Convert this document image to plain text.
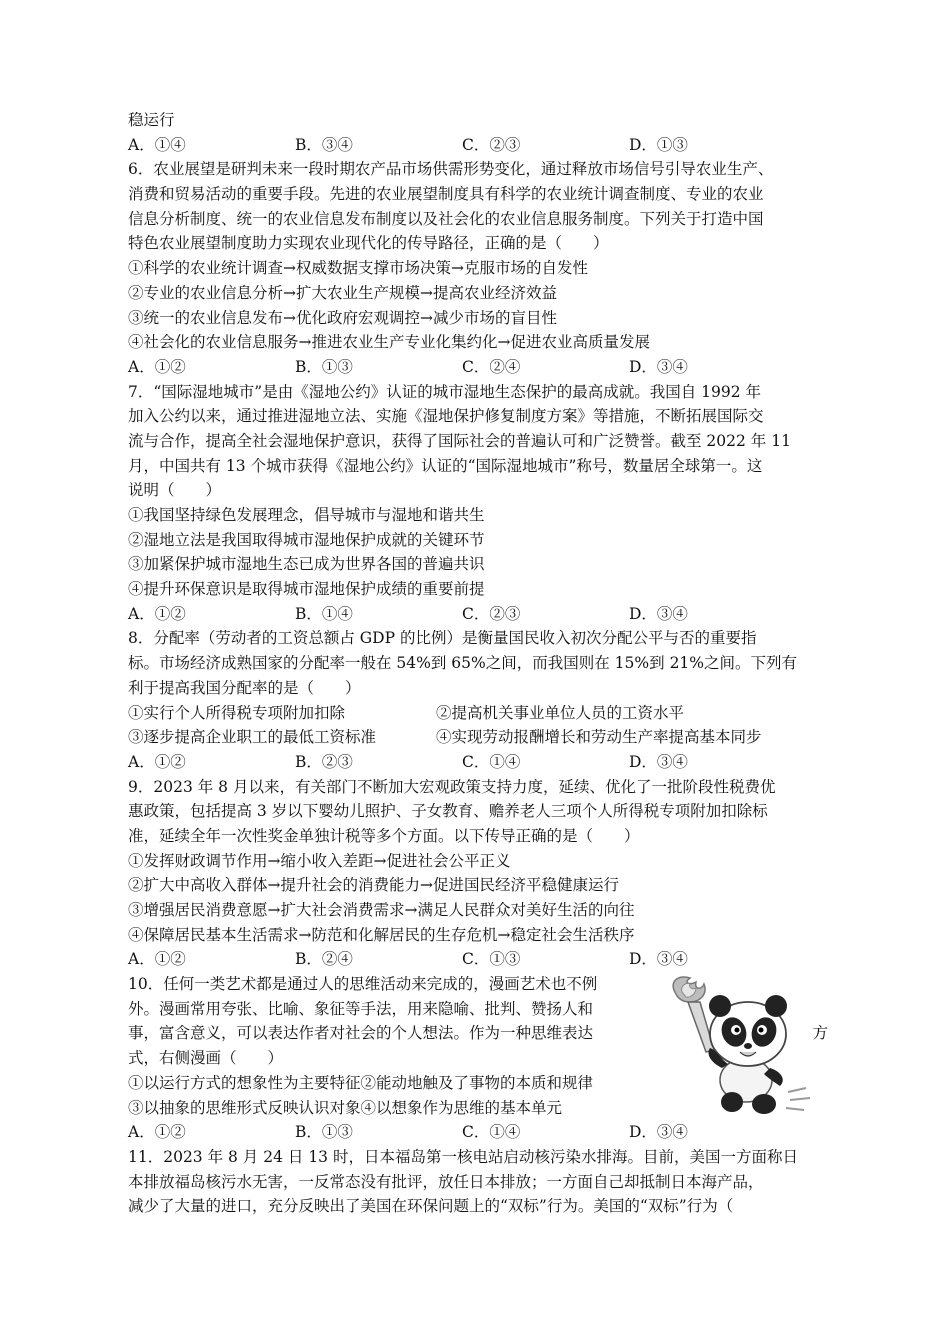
稳运行
A．①④	B．③④	C．②③	D．①③
6．农业展望是研判未来一段时期农产品市场供需形势变化，通过释放市场信号引导农业生产、
消费和贸易活动的重要手段。先进的农业展望制度具有科学的农业统计调查制度、专业的农业
信息分析制度、统一的农业信息发布制度以及社会化的农业信息服务制度。下列关于打造中国
特色农业展望制度助力实现农业现代化的传导路径，正确的是（　　）
①科学的农业统计调查→权威数据支撑市场决策→克服市场的自发性
②专业的农业信息分析→扩大农业生产规模→提高农业经济效益
③统一的农业信息发布→优化政府宏观调控→减少市场的盲目性
④社会化的农业信息服务→推进农业生产专业化集约化→促进农业高质量发展
A．①②	B．①③	C．②④	D．③④
7．“国际湿地城市”是由《湿地公约》认证的城市湿地生态保护的最高成就。我国自 1992 年
加入公约以来，通过推进湿地立法、实施《湿地保护修复制度方案》等措施，不断拓展国际交
流与合作，提高全社会湿地保护意识，获得了国际社会的普遍认可和广泛赞誉。截至 2022 年 11
月，中国共有 13 个城市获得《湿地公约》认证的“国际湿地城市”称号，数量居全球第一。这
说明（　　）
①我国坚持绿色发展理念，倡导城市与湿地和谐共生
②湿地立法是我国取得城市湿地保护成就的关键环节
③加紧保护城市湿地生态已成为世界各国的普遍共识
④提升环保意识是取得城市湿地保护成绩的重要前提
A．①②	B．①④	C．②③	D．③④
8．分配率（劳动者的工资总额占 GDP 的比例）是衡量国民收入初次分配公平与否的重要指
标。市场经济成熟国家的分配率一般在 54%到 65%之间，而我国则在 15%到 21%之间。下列有
利于提高我国分配率的是（　　）
①实行个人所得税专项附加扣除	②提高机关事业单位人员的工资水平
③逐步提高企业职工的最低工资标准	④实现劳动报酬增长和劳动生产率提高基本同步
A．①②	B．②③	C．①④	D．③④
9．2023 年 8 月以来，有关部门不断加大宏观政策支持力度，延续、优化了一批阶段性税费优
惠政策，包括提高 3 岁以下婴幼儿照护、子女教育、赡养老人三项个人所得税专项附加扣除标
准，延续全年一次性奖金单独计税等多个方面。以下传导正确的是（　　）
①发挥财政调节作用→缩小收入差距→促进社会公平正义
②扩大中高收入群体→提升社会的消费能力→促进国民经济平稳健康运行
③增强居民消费意愿→扩大社会消费需求→满足人民群众对美好生活的向往
④保障居民基本生活需求→防范和化解居民的生存危机→稳定社会生活秩序
A．①②	B．②④	C．①③	D．③④
10．任何一类艺术都是通过人的思维活动来完成的，漫画艺术也不例
外。漫画常用夸张、比喻、象征等手法，用来隐喻、批判、赞扬人和
事，富含意义，可以表达作者对社会的个人想法。作为一种思维表达
式，右侧漫画（　　）
方
①以运行方式的想象性为主要特征②能动地触及了事物的本质和规律
③以抽象的思维形式反映认识对象④以想象作为思维的基本单元
A．①②	B．①③	C．①④	D．③④
11．2023 年 8 月 24 日 13 时，日本福岛第一核电站启动核污染水排海。目前，美国一方面称日
本排放福岛核污水无害，一反常态没有批评，放任日本排放；一方面自己却抵制日本海产品，
减少了大量的进口，充分反映出了美国在环保问题上的“双标”行为。美国的“双标”行为（
